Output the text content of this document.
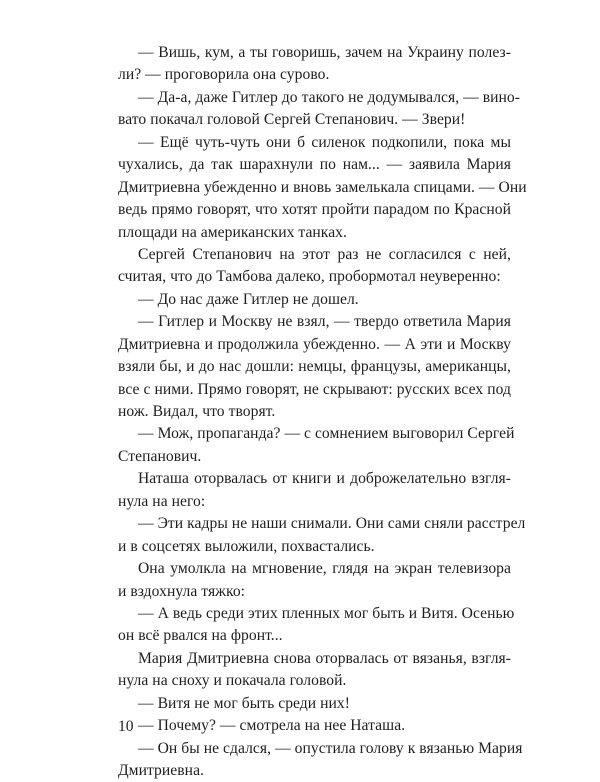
— Вишь, кум, а ты говоришь, зачем на Украину полез-
ли? — проговорила она сурово.
— Да-а, даже Гитлер до такого не додумывался, — вино-
вато покачал головой Сергей Степанович. — Звери!
— Ещё чуть-чуть они б силенок подкопили, пока мы
чухались, да так шарахнули по нам... — заявила Мария
Дмитриевна убежденно и вновь замелькала спицами. — Они
ведь прямо говорят, что хотят пройти парадом по Красной
площади на американских танках.
Сергей Степанович на этот раз не согласился с ней,
считая, что до Тамбова далеко, пробормотал неуверенно:
— До нас даже Гитлер не дошел.
— Гитлер и Москву не взял, — твердо ответила Мария
Дмитриевна и продолжила убежденно. — А эти и Москву
взяли бы, и до нас дошли: немцы, французы, американцы,
все с ними. Прямо говорят, не скрывают: русских всех под
нож. Видал, что творят.
— Мож, пропаганда? — с сомнением выговорил Сергей
Степанович.
Наташа оторвалась от книги и доброжелательно взгля-
нула на него:
— Эти кадры не наши снимали. Они сами сняли расстрел
и в соцсетях выложили, похвастались.
Она умолкла на мгновение, глядя на экран телевизора
и вздохнула тяжко:
— А ведь среди этих пленных мог быть и Витя. Осенью
он всё рвался на фронт...
Мария Дмитриевна снова оторвалась от вязанья, взгля-
нула на сноху и покачала головой.
— Витя не мог быть среди них!
— Почему? — смотрела на нее Наташа.
— Он бы не сдался, — опустила голову к вязанью Мария
Дмитриевна.
10
